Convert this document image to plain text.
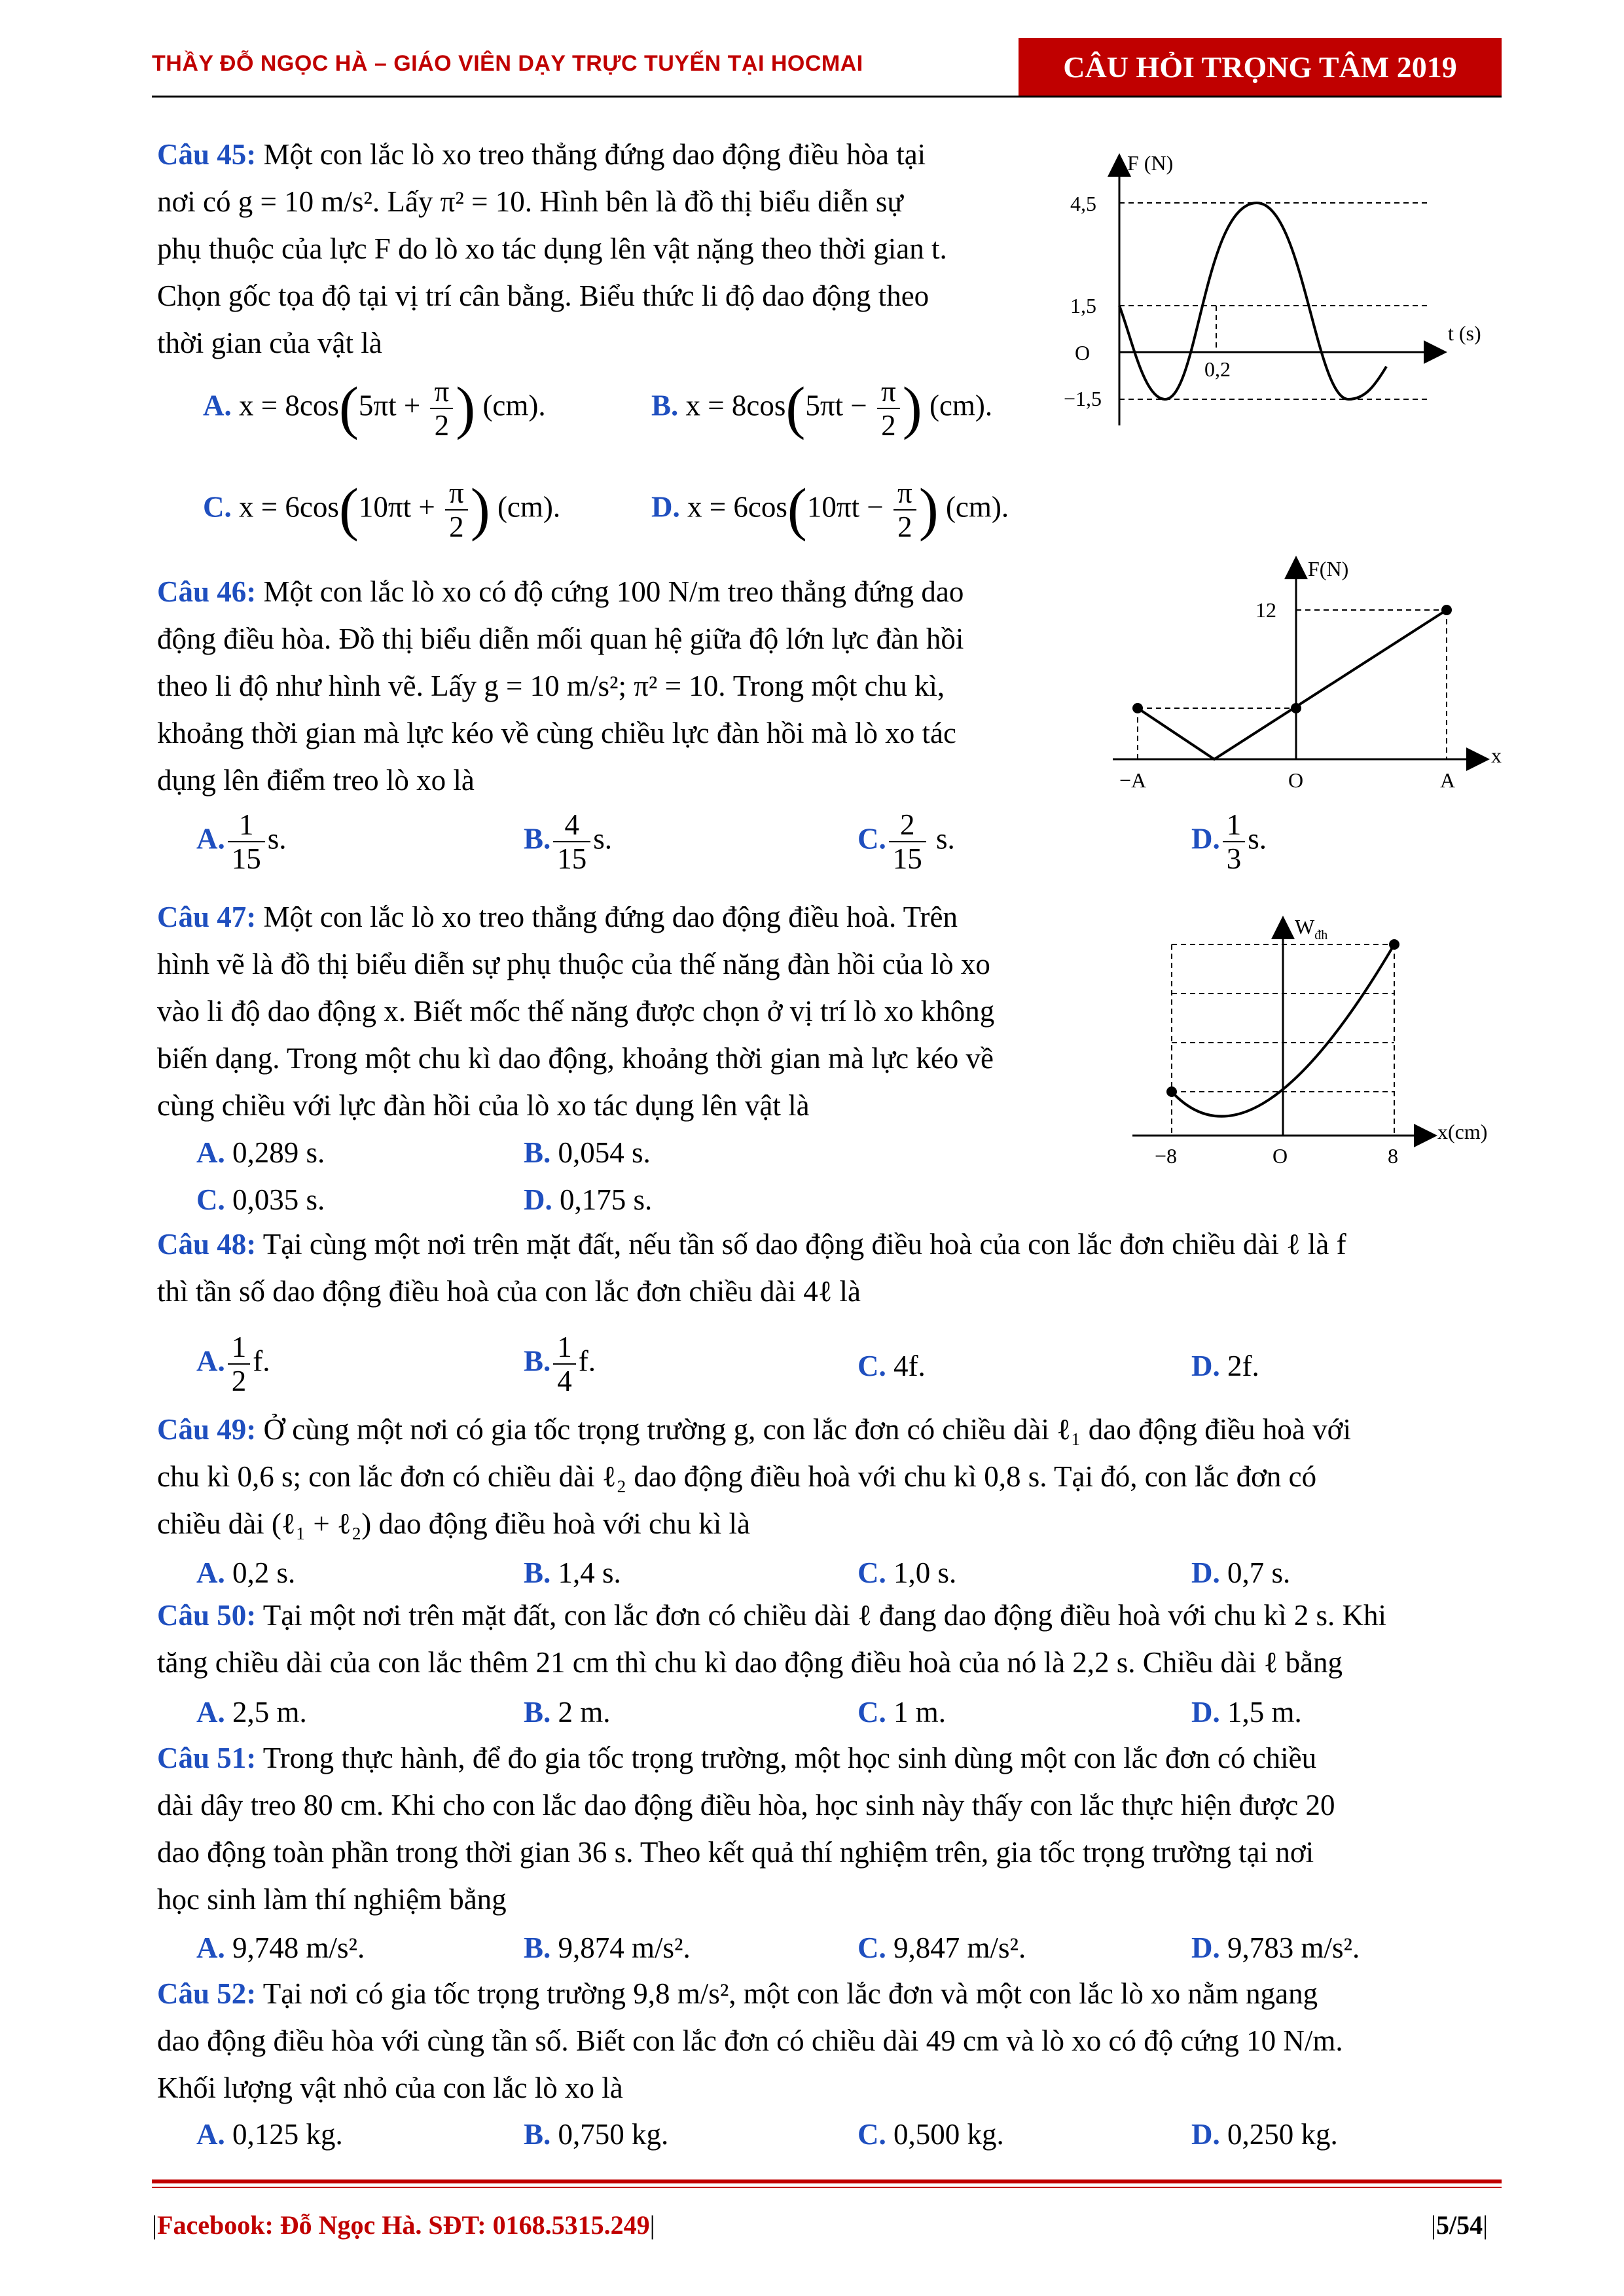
THẦY ĐỖ NGỌC HÀ – GIÁO VIÊN DẠY TRỰC TUYẾN TẠI HOCMAI	CÂU HỎI TRỌNG TÂM 2019
Câu 45: Một con lắc lò xo treo thẳng đứng dao động điều hòa tại
nơi có g = 10 m/s². Lấy π² = 10. Hình bên là đồ thị biểu diễn sự
phụ thuộc của lực F do lò xo tác dụng lên vật nặng theo thời gian t.
Chọn gốc tọa độ tại vị trí cân bằng. Biểu thức li độ dao động theo
thời gian của vật là
A. $x = 8\cos(5\pi t + \frac{\pi}{2}$ ) (cm).	B. $x = 8\cos(5\pi t - \frac{\pi}{2}$ ) (cm).
C. $x = 6\cos(10\pi t + \frac{\pi}{2}$ ) (cm).	D. $x = 6\cos(10\pi t - \frac{\pi}{2}$ ) (cm).
F (N)
t (s)
4,5
1,5
O
−1,5
0,2
Câu 46: Một con lắc lò xo có độ cứng 100 N/m treo thẳng đứng dao
động điều hòa. Đồ thị biểu diễn mối quan hệ giữa độ lớn lực đàn hồi
theo li độ như hình vẽ. Lấy g = 10 m/s²; π² = 10. Trong một chu kì,
khoảng thời gian mà lực kéo về cùng chiều lực đàn hồi mà lò xo tác
dụng lên điểm treo lò xo là
A. $\frac{1}{15} s$.	B. $\frac{4}{15} s$.	C. $\frac{2}{15} s$.	D. $\frac{1}{3} s$.
F(N)
12
x
−A	O	A
Câu 47: Một con lắc lò xo treo thẳng đứng dao động điều hoà. Trên
hình vẽ là đồ thị biểu diễn sự phụ thuộc của thế năng đàn hồi của lò xo
vào li độ dao động x. Biết mốc thế năng được chọn ở vị trí lò xo không
biến dạng. Trong một chu kì dao động, khoảng thời gian mà lực kéo về
cùng chiều với lực đàn hồi của lò xo tác dụng lên vật là
A. 0,289 s.	B. 0,054 s.
C. 0,035 s.	D. 0,175 s.
$W_{đh}$
x(cm)
−8	O	8
Câu 48: Tại cùng một nơi trên mặt đất, nếu tần số dao động điều hoà của con lắc đơn chiều dài ℓ là f
thì tần số dao động điều hoà của con lắc đơn chiều dài 4ℓ là
A. $\frac{1}{2} f$.	B. $\frac{1}{4} f$.	C. 4f.	D. 2f.
Câu 49: Ở cùng một nơi có gia tốc trọng trường g, con lắc đơn có chiều dài ℓ₁ dao động điều hoà với
chu kì 0,6 s; con lắc đơn có chiều dài ℓ₂ dao động điều hoà với chu kì 0,8 s. Tại đó, con lắc đơn có
chiều dài (ℓ₁ + ℓ₂) dao động điều hoà với chu kì là
A. 0,2 s.	B. 1,4 s.	C. 1,0 s.	D. 0,7 s.
Câu 50: Tại một nơi trên mặt đất, con lắc đơn có chiều dài ℓ đang dao động điều hoà với chu kì 2 s. Khi
tăng chiều dài của con lắc thêm 21 cm thì chu kì dao động điều hoà của nó là 2,2 s. Chiều dài ℓ bằng
A. 2,5 m.	B. 2 m.	C. 1 m.	D. 1,5 m.
Câu 51: Trong thực hành, để đo gia tốc trọng trường, một học sinh dùng một con lắc đơn có chiều
dài dây treo 80 cm. Khi cho con lắc dao động điều hòa, học sinh này thấy con lắc thực hiện được 20
dao động toàn phần trong thời gian 36 s. Theo kết quả thí nghiệm trên, gia tốc trọng trường tại nơi
học sinh làm thí nghiệm bằng
A. 9,748 m/s².	B. 9,874 m/s².	C. 9,847 m/s².	D. 9,783 m/s².
Câu 52: Tại nơi có gia tốc trọng trường 9,8 m/s², một con lắc đơn và một con lắc lò xo nằm ngang
dao động điều hòa với cùng tần số. Biết con lắc đơn có chiều dài 49 cm và lò xo có độ cứng 10 N/m.
Khối lượng vật nhỏ của con lắc lò xo là
A. 0,125 kg.	B. 0,750 kg.	C. 0,500 kg.	D. 0,250 kg.
|Facebook: Đỗ Ngọc Hà. SĐT: 0168.5315.249|	|5/54|
